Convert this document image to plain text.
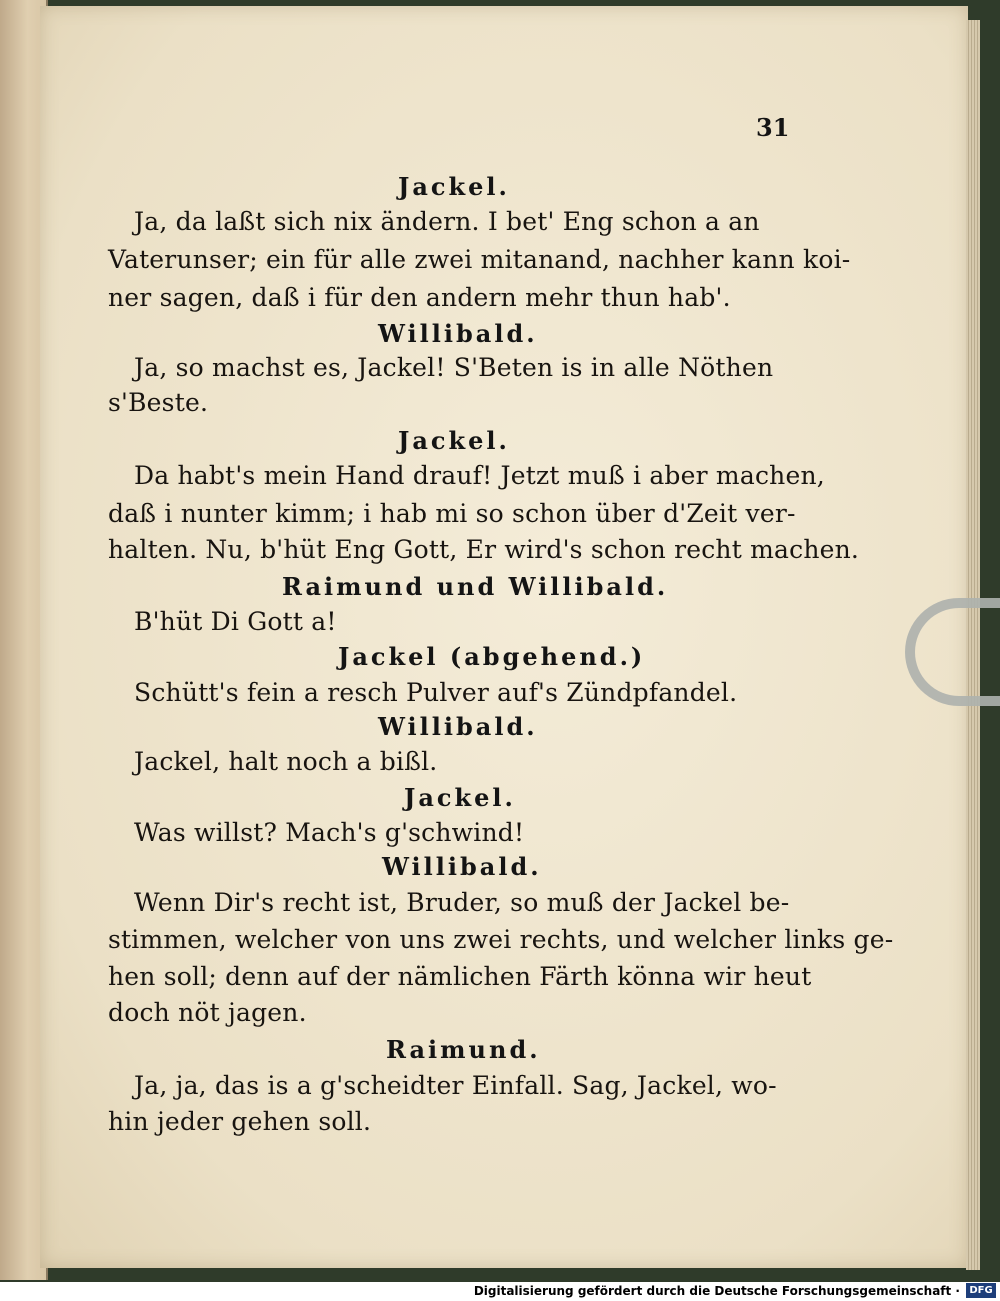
31
Jackel.
Ja, da laßt sich nix ändern. I bet' Eng schon a an
Vaterunser; ein für alle zwei mitanand, nachher kann koi-
ner sagen, daß i für den andern mehr thun hab'.
Willibald.
Ja, so machst es, Jackel! S'Beten is in alle Nöthen
s'Beste.
Jackel.
Da habt's mein Hand drauf! Jetzt muß i aber machen,
daß i nunter kimm; i hab mi so schon über d'Zeit ver-
halten. Nu, b'hüt Eng Gott, Er wird's schon recht machen.
Raimund und Willibald.
B'hüt Di Gott a!
Jackel (abgehend.)
Schütt's fein a resch Pulver auf's Zündpfandel.
Willibald.
Jackel, halt noch a bißl.
Jackel.
Was willst? Mach's g'schwind!
Willibald.
Wenn Dir's recht ist, Bruder, so muß der Jackel be-
stimmen, welcher von uns zwei rechts, und welcher links ge-
hen soll; denn auf der nämlichen Färth könna wir heut
doch nöt jagen.
Raimund.
Ja, ja, das is a g'scheidter Einfall. Sag, Jackel, wo-
hin jeder gehen soll.
Digitalisierung gefördert durch die Deutsche Forschungsgemeinschaft · DFG
